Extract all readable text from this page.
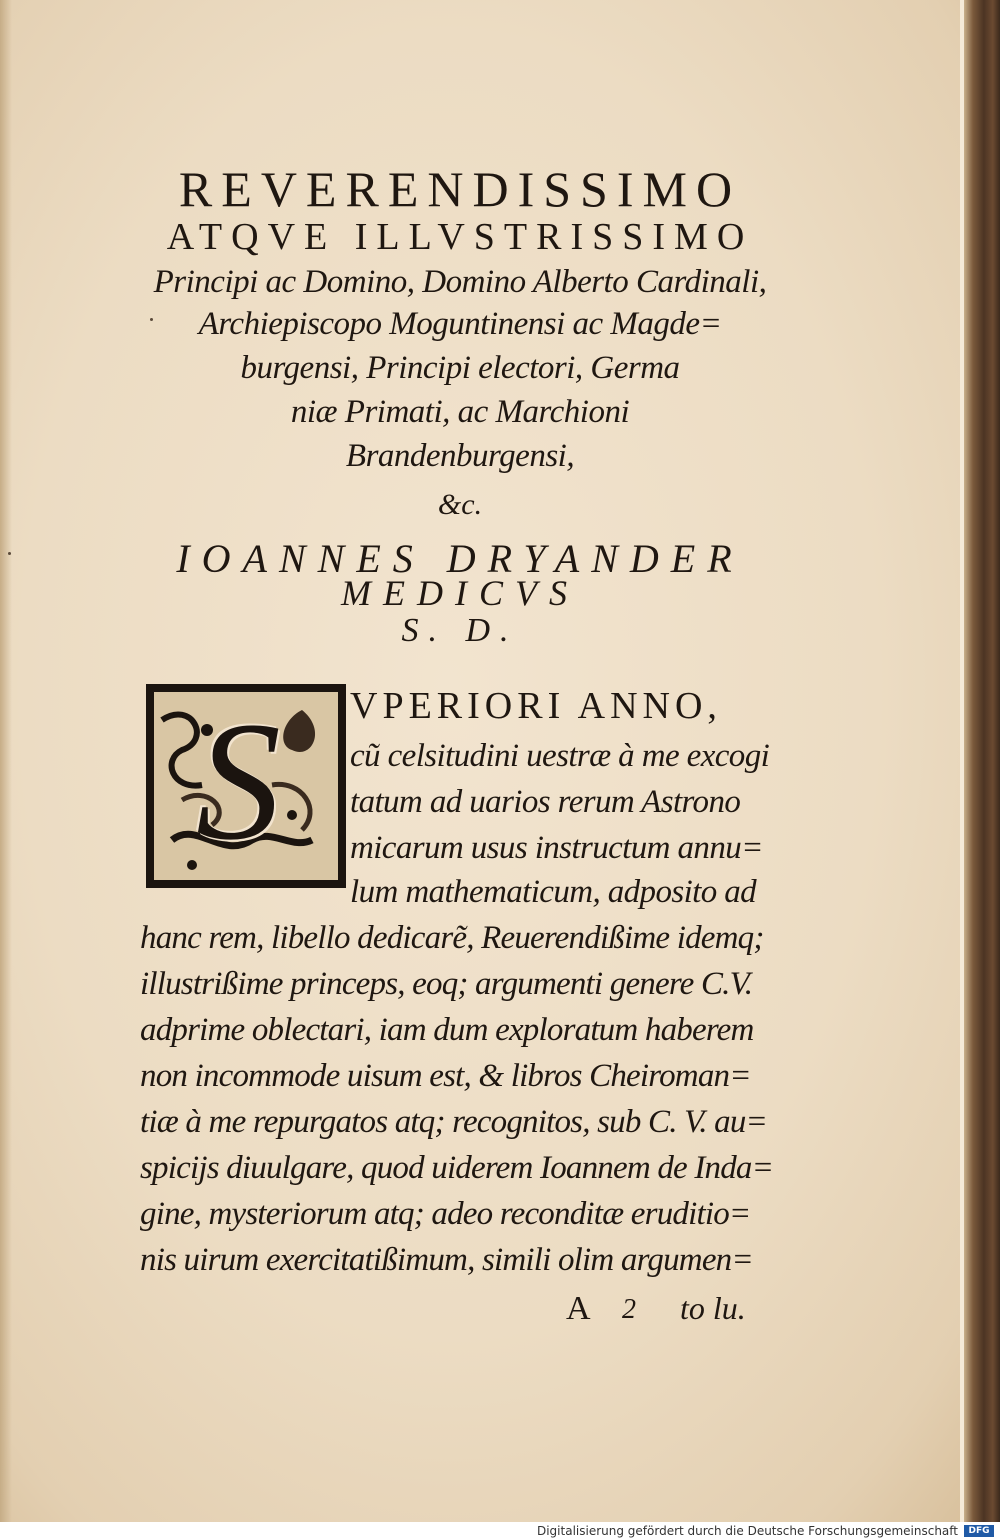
REVERENDISSIMO
ATQVE ILLVSTRISSIMO
Principi ac Domino, Domino Alberto Cardinali,
Archiepiscopo Moguntinensi ac Magde=
burgensi, Principi electori, Germa
niæ Primati, ac Marchioni
Brandenburgensi,
&c.
IOANNES DRYANDER
MEDICVS
S. D.
S VPERIORI ANNO,
cũ celsitudini uestræ à me excogi
tatum ad uarios rerum Astrono
micarum usus instructum annu=
lum mathematicum, adposito ad
hanc rem, libello dedicarẽ, Reuerendißime idemq;
illustrißime princeps, eoq; argumenti genere C.V.
adprime oblectari, iam dum exploratum haberem
non incommode uisum est, & libros Cheiroman=
tiæ à me repurgatos atq; recognitos, sub C. V. au=
spicijs diuulgare, quod uiderem Ioannem de Inda=
gine, mysteriorum atq; adeo reconditæ eruditio=
nis uirum exercitatißimum, simili olim argumen=
A 2 to lu.
Digitalisierung gefördert durch die Deutsche Forschungsgemeinschaft	DFG
